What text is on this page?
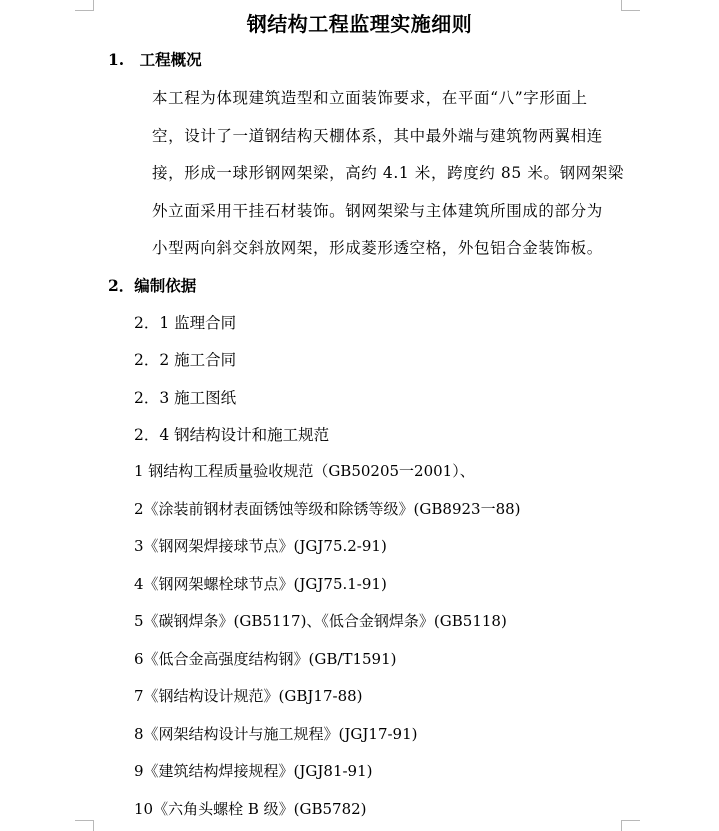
钢结构工程监理实施细则
1.　工程概况
本工程为体现建筑造型和立面装饰要求，在平面“八”字形面上
空，设计了一道钢结构天棚体系，其中最外端与建筑物两翼相连
接，形成一球形钢网架梁，高约 4.1 米，跨度约 85 米。钢网架梁
外立面采用干挂石材装饰。钢网架梁与主体建筑所围成的部分为
小型两向斜交斜放网架，形成菱形透空格，外包铝合金装饰板。
2．编制依据
2．1 监理合同
2．2 施工合同
2．3 施工图纸
2．4 钢结构设计和施工规范
1 钢结构工程质量验收规范（GB50205一2001）、
2《涂装前钢材表面锈蚀等级和除锈等级》(GB8923一88)
3《钢网架焊接球节点》(JGJ75.2-91)
4《钢网架螺栓球节点》(JGJ75.1-91)
5《碳钢焊条》(GB5117)、《低合金钢焊条》(GB5118)
6《低合金高强度结构钢》(GB/T1591)
7《钢结构设计规范》(GBJ17-88)
8《网架结构设计与施工规程》(JGJ17-91)
9《建筑结构焊接规程》(JGJ81-91)
10《六角头螺栓 B 级》(GB5782)
